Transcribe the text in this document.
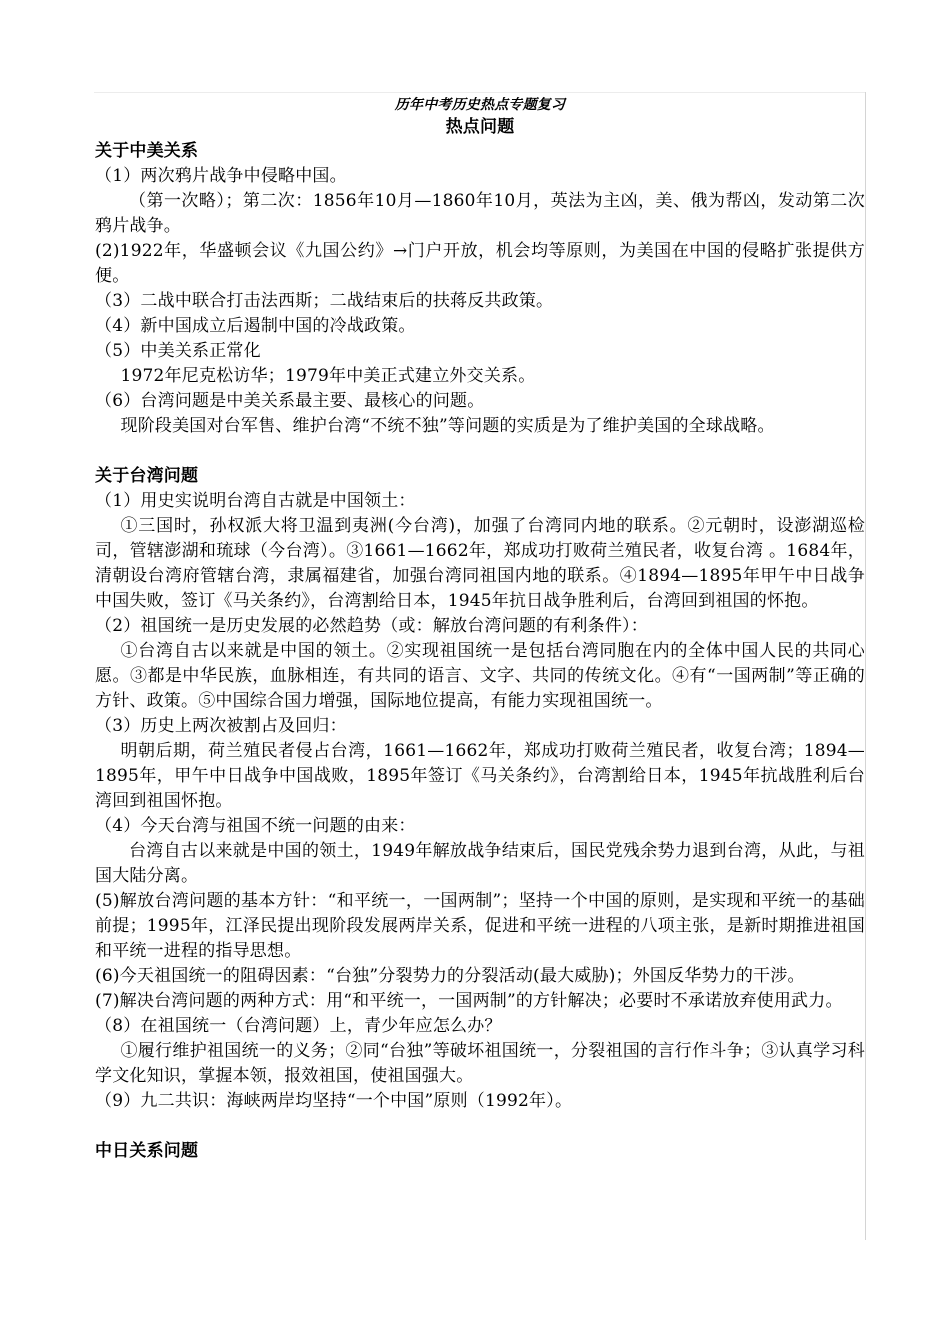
历年中考历史热点专题复习

热点问题

关于中美关系

（1）两次鸦片战争中侵略中国。

（第一次略）；第二次：1856年10月—1860年10月，英法为主凶，美、俄为帮凶，发动第二次鸦片战争。

(2)1922年，华盛顿会议《九国公约》→门户开放，机会均等原则，为美国在中国的侵略扩张提供方便。

（3）二战中联合打击法西斯；二战结束后的扶蒋反共政策。

（4）新中国成立后遏制中国的冷战政策。

（5）中美关系正常化

1972年尼克松访华；1979年中美正式建立外交关系。

（6）台湾问题是中美关系最主要、最核心的问题。

现阶段美国对台军售、维护台湾“不统不独”等问题的实质是为了维护美国的全球战略。

关于台湾问题

（1）用史实说明台湾自古就是中国领土：

①三国时，孙权派大将卫温到夷洲(今台湾)，加强了台湾同内地的联系。②元朝时，设澎湖巡检司，管辖澎湖和琉球（今台湾）。③1661—1662年，郑成功打败荷兰殖民者，收复台湾 。1684年，清朝设台湾府管辖台湾，隶属福建省，加强台湾同祖国内地的联系。④1894—1895年甲午中日战争中国失败，签订《马关条约》，台湾割给日本，1945年抗日战争胜利后，台湾回到祖国的怀抱。

（2）祖国统一是历史发展的必然趋势（或：解放台湾问题的有利条件）：

①台湾自古以来就是中国的领土。②实现祖国统一是包括台湾同胞在内的全体中国人民的共同心愿。③都是中华民族，血脉相连，有共同的语言、文字、共同的传统文化。④有“一国两制”等正确的方针、政策。⑤中国综合国力增强，国际地位提高，有能力实现祖国统一。

（3）历史上两次被割占及回归：

明朝后期，荷兰殖民者侵占台湾，1661—1662年，郑成功打败荷兰殖民者，收复台湾；1894—1895年，甲午中日战争中国战败，1895年签订《马关条约》，台湾割给日本，1945年抗战胜利后台湾回到祖国怀抱。

（4）今天台湾与祖国不统一问题的由来：

台湾自古以来就是中国的领土，1949年解放战争结束后，国民党残余势力退到台湾，从此，与祖国大陆分离。

(5)解放台湾问题的基本方针：“和平统一，一国两制”；坚持一个中国的原则，是实现和平统一的基础前提；1995年，江泽民提出现阶段发展两岸关系，促进和平统一进程的八项主张，是新时期推进祖国和平统一进程的指导思想。

(6)今天祖国统一的阻碍因素：“台独”分裂势力的分裂活动(最大威胁)；外国反华势力的干涉。

(7)解决台湾问题的两种方式：用“和平统一，一国两制”的方针解决；必要时不承诺放弃使用武力。

（8）在祖国统一（台湾问题）上，青少年应怎么办？

①履行维护祖国统一的义务；②同“台独”等破坏祖国统一，分裂祖国的言行作斗争；③认真学习科学文化知识，掌握本领，报效祖国，使祖国强大。

（9）九二共识：海峡两岸均坚持“一个中国”原则（1992年）。

中日关系问题
